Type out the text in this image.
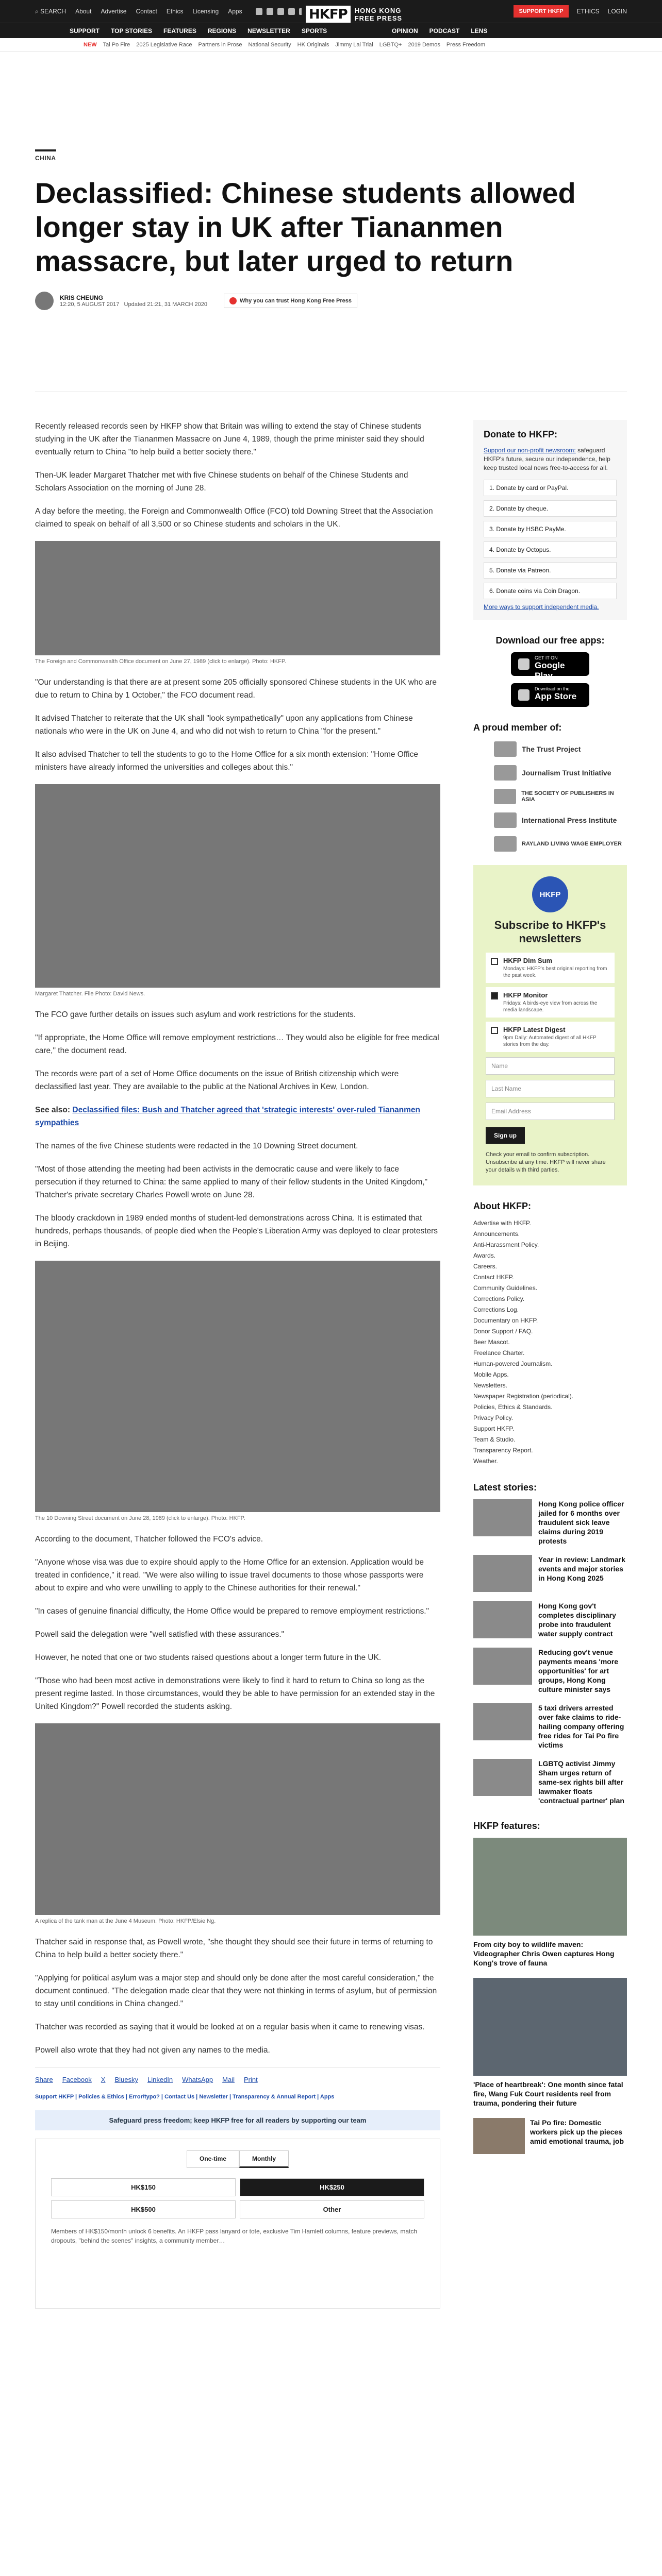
⌕ SEARCH About Advertise Contact Ethics Licensing Apps	SUPPORT HKFP	ETHICS LOGIN
HKFP	HONG KONG
FREE PRESS
SUPPORT TOP STORIES FEATURES REGIONS NEWSLETTER SPORTS	OPINION PODCAST LENS
NEW Tai Po Fire 2025 Legislative Race Partners in Prose National Security HK Originals Jimmy Lai Trial LGBTQ+ 2019 Demos Press Freedom
CHINA
Declassified: Chinese students allowed longer stay in UK after Tiananmen massacre, but later urged to return
KRIS CHEUNG
12:20, 5 AUGUST 2017 Updated 21:21, 31 MARCH 2020
Why you can trust Hong Kong Free Press

Recently released records seen by HKFP show that Britain was willing to extend the stay of Chinese students studying in the UK after the Tiananmen Massacre on June 4, 1989, though the prime minister said they should eventually return to China "to help build a better society there."

Then-UK leader Margaret Thatcher met with five Chinese students on behalf of the Chinese Students and Scholars Association on the morning of June 28.

A day before the meeting, the Foreign and Commonwealth Office (FCO) told Downing Street that the Association claimed to speak on behalf of all 3,500 or so Chinese students and scholars in the UK.

The Foreign and Commonwealth Office document on June 27, 1989 (click to enlarge). Photo: HKFP.

"Our understanding is that there are at present some 205 officially sponsored Chinese students in the UK who are due to return to China by 1 October," the FCO document read.

It advised Thatcher to reiterate that the UK shall "look sympathetically" upon any applications from Chinese nationals who were in the UK on June 4, and who did not wish to return to China "for the present."

It also advised Thatcher to tell the students to go to the Home Office for a six month extension: "Home Office ministers have already informed the universities and colleges about this."

Margaret Thatcher. File Photo: David News.

The FCO gave further details on issues such asylum and work restrictions for the students.

"If appropriate, the Home Office will remove employment restrictions… They would also be eligible for free medical care," the document read.

The records were part of a set of Home Office documents on the issue of British citizenship which were declassified last year. They are available to the public at the National Archives in Kew, London.

See also: Declassified files: Bush and Thatcher agreed that 'strategic interests' over-ruled Tiananmen sympathies

The names of the five Chinese students were redacted in the 10 Downing Street document.

"Most of those attending the meeting had been activists in the democratic cause and were likely to face persecution if they returned to China: the same applied to many of their fellow students in the United Kingdom," Thatcher's private secretary Charles Powell wrote on June 28.

The bloody crackdown in 1989 ended months of student-led demonstrations across China. It is estimated that hundreds, perhaps thousands, of people died when the People's Liberation Army was deployed to clear protesters in Beijing.

The 10 Downing Street document on June 28, 1989 (click to enlarge). Photo: HKFP.

According to the document, Thatcher followed the FCO's advice.

"Anyone whose visa was due to expire should apply to the Home Office for an extension. Application would be treated in confidence," it read. "We were also willing to issue travel documents to those whose passports were about to expire and who were unwilling to apply to the Chinese authorities for their renewal."

"In cases of genuine financial difficulty, the Home Office would be prepared to remove employment restrictions."

Powell said the delegation were "well satisfied with these assurances."

However, he noted that one or two students raised questions about a longer term future in the UK.

"Those who had been most active in demonstrations were likely to find it hard to return to China so long as the present regime lasted. In those circumstances, would they be able to have permission for an extended stay in the United Kingdom?" Powell recorded the students asking.

A replica of the tank man at the June 4 Museum. Photo: HKFP/Elsie Ng.

Thatcher said in response that, as Powell wrote, "she thought they should see their future in terms of returning to China to help build a better society there."

"Applying for political asylum was a major step and should only be done after the most careful consideration," the document continued. "The delegation made clear that they were not thinking in terms of asylum, but of permission to stay until conditions in China changed."

Thatcher was recorded as saying that it would be looked at on a regular basis when it came to renewing visas.

Powell also wrote that they had not given any names to the media.

Share Facebook X Bluesky LinkedIn WhatsApp Mail Print
Support HKFP | Policies & Ethics | Error/typo? | Contact Us | Newsletter | Transparency & Annual Report | Apps
Safeguard press freedom; keep HKFP free for all readers by supporting our team
One-time	Monthly
HK$150	HK$250
HK$500	Other
Members of HK$150/month unlock 6 benefits. An HKFP pass lanyard or tote, exclusive Tim Hamlett columns, feature previews, match dropouts, "behind the scenes" insights, a community member…
Donate to HKFP:
Support our non-profit newsroom: safeguard HKFP's future, secure our independence, help keep trusted local news free-to-access for all.
1. Donate by card or PayPal.
2. Donate by cheque.
3. Donate by HSBC PayMe.
4. Donate by Octopus.
5. Donate via Patreon.
6. Donate coins via Coin Dragon.
More ways to support independent media.
Download our free apps:
GET IT ON
Google Play
Download on the
App Store
A proud member of:
The Trust Project
Journalism Trust Initiative
THE SOCIETY OF PUBLISHERS IN ASIA
International Press Institute
RAYLAND LIVING WAGE EMPLOYER
HKFP
Subscribe to HKFP's newsletters
HKFP Dim Sum
Mondays: HKFP's best original reporting from the past week.
HKFP Monitor
Fridays: A birds-eye view from across the media landscape.
HKFP Latest Digest
9pm Daily: Automated digest of all HKFP stories from the day.
Name
Last Name
Email Address
Sign up
Check your email to confirm subscription. Unsubscribe at any time. HKFP will never share your details with third parties.
About HKFP:
Advertise with HKFP.
Announcements.
Anti-Harassment Policy.
Awards.
Careers.
Contact HKFP.
Community Guidelines.
Corrections Policy.
Corrections Log.
Documentary on HKFP.
Donor Support / FAQ.
Beer Mascot.
Freelance Charter.
Human-powered Journalism.
Mobile Apps.
Newsletters.
Newspaper Registration (periodical).
Policies, Ethics & Standards.
Privacy Policy.
Support HKFP.
Team & Studio.
Transparency Report.
Weather.
Latest stories:
Hong Kong police officer jailed for 6 months over fraudulent sick leave claims during 2019 protests
Year in review: Landmark events and major stories in Hong Kong 2025
Hong Kong gov't completes disciplinary probe into fraudulent water supply contract
Reducing gov't venue payments means 'more opportunities' for art groups, Hong Kong culture minister says
5 taxi drivers arrested over fake claims to ride-hailing company offering free rides for Tai Po fire victims
LGBTQ activist Jimmy Sham urges return of same-sex rights bill after lawmaker floats 'contractual partner' plan
HKFP features:
From city boy to wildlife maven: Videographer Chris Owen captures Hong Kong's trove of fauna
'Place of heartbreak': One month since fatal fire, Wang Fuk Court residents reel from trauma, pondering their future
Tai Po fire: Domestic workers pick up the pieces amid emotional trauma, job
